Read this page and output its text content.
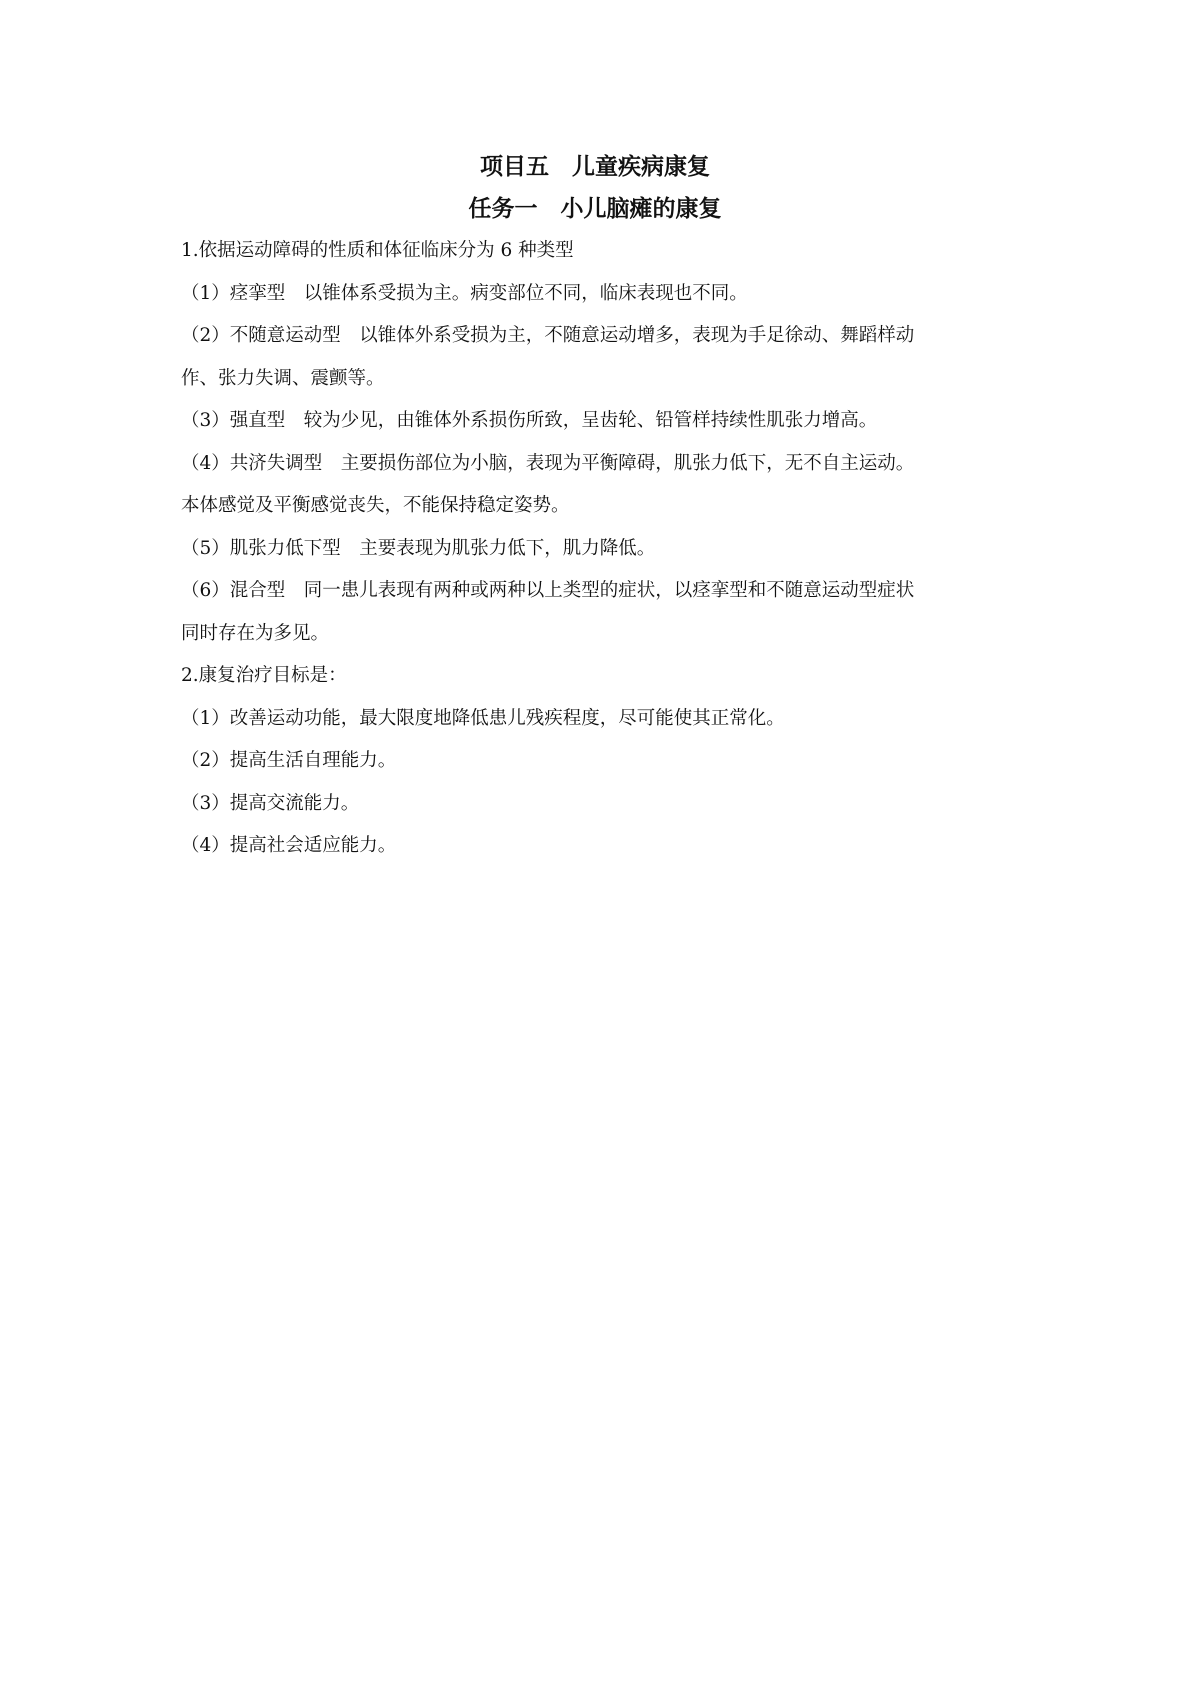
项目五　儿童疾病康复
任务一　小儿脑瘫的康复
1.依据运动障碍的性质和体征临床分为 6 种类型
（1）痉挛型　以锥体系受损为主。病变部位不同，临床表现也不同。
（2）不随意运动型　以锥体外系受损为主，不随意运动增多，表现为手足徐动、舞蹈样动
作、张力失调、震颤等。
（3）强直型　较为少见，由锥体外系损伤所致，呈齿轮、铅管样持续性肌张力增高。
（4）共济失调型　主要损伤部位为小脑，表现为平衡障碍，肌张力低下，无不自主运动。
本体感觉及平衡感觉丧失，不能保持稳定姿势。
（5）肌张力低下型　主要表现为肌张力低下，肌力降低。
（6）混合型　同一患儿表现有两种或两种以上类型的症状，以痉挛型和不随意运动型症状
同时存在为多见。
2.康复治疗目标是：
（1）改善运动功能，最大限度地降低患儿残疾程度，尽可能使其正常化。
（2）提高生活自理能力。
（3）提高交流能力。
（4）提高社会适应能力。
